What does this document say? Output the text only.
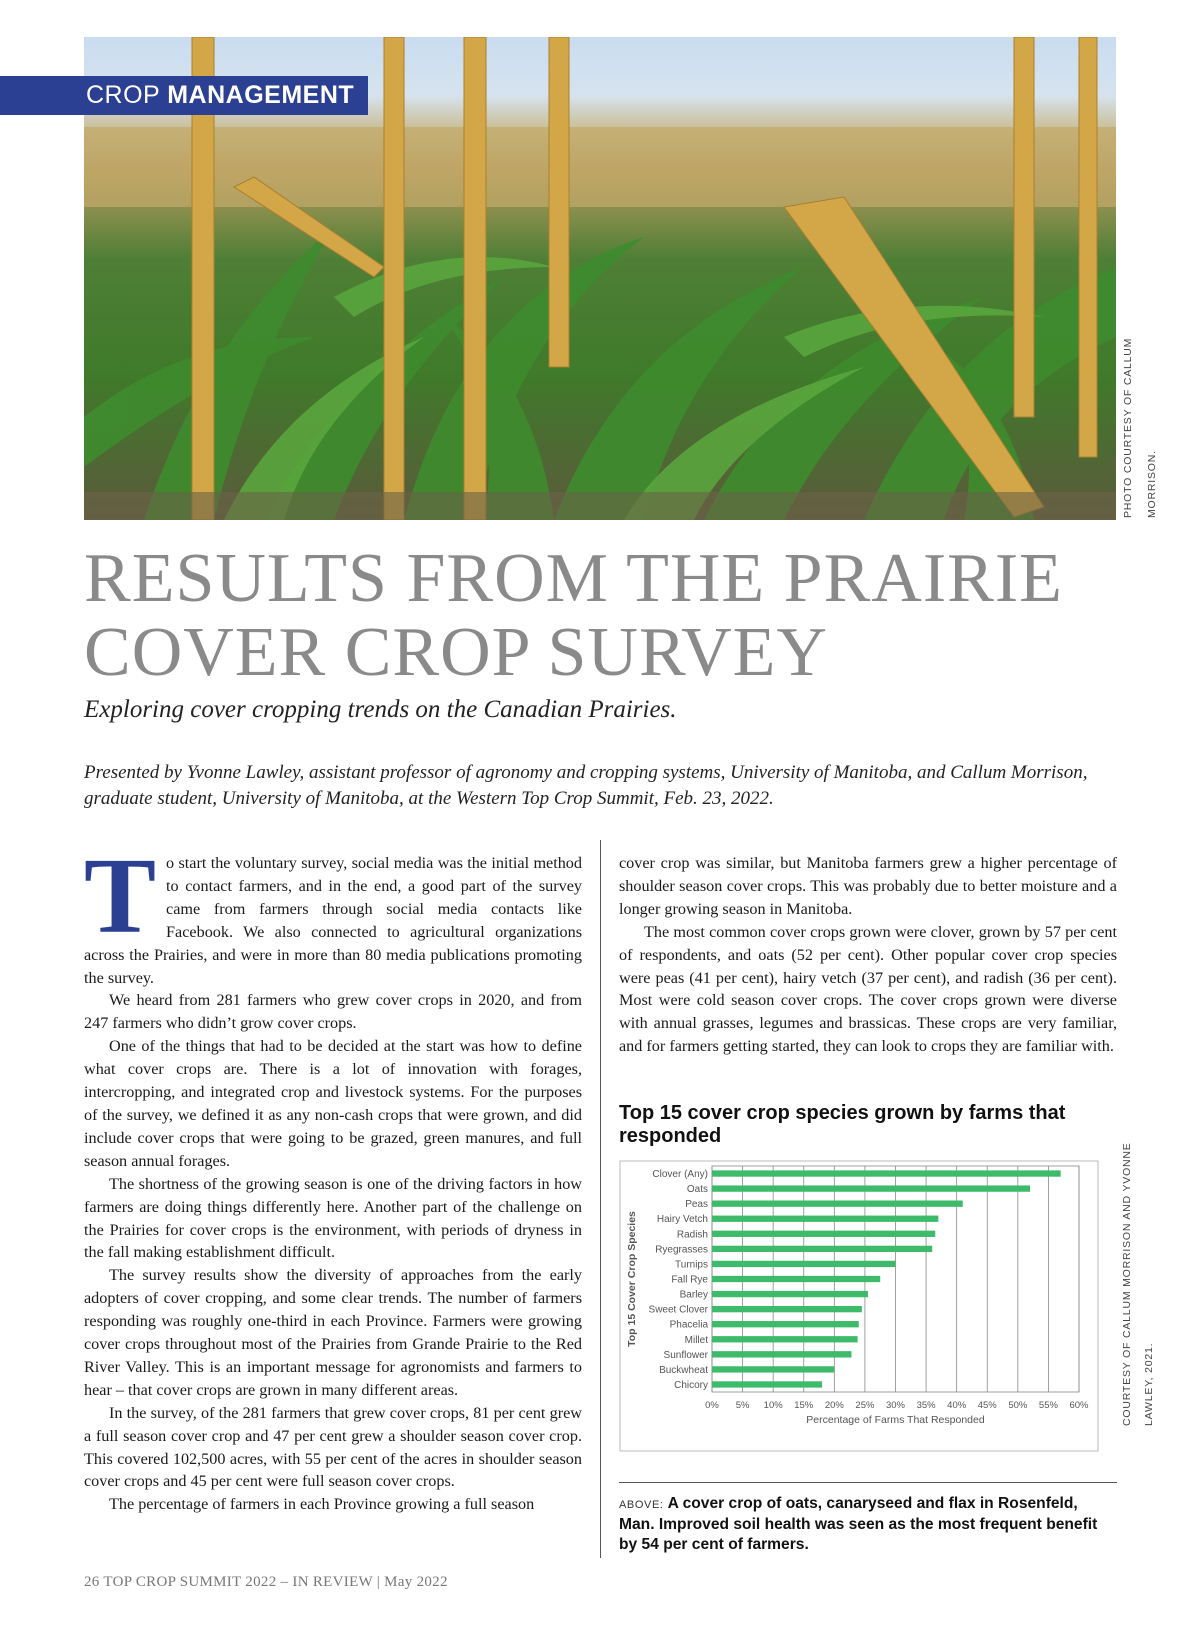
CROP MANAGEMENT
PHOTO COURTESY OF CALLUM MORRISON.
RESULTS FROM THE PRAIRIE COVER CROP SURVEY
Exploring cover cropping trends on the Canadian Prairies.
Presented by Yvonne Lawley, assistant professor of agronomy and cropping systems, University of Manitoba, and Callum Morrison, graduate student, University of Manitoba, at the Western Top Crop Summit, Feb. 23, 2022.

To start the voluntary survey, social media was the initial method to contact farmers, and in the end, a good part of the survey came from farmers through social media contacts like Facebook. We also connected to agricultural organizations across the Prairies, and were in more than 80 media publications promoting the survey.

We heard from 281 farmers who grew cover crops in 2020, and from 247 farmers who didn’t grow cover crops.

One of the things that had to be decided at the start was how to define what cover crops are. There is a lot of innovation with forages, intercropping, and integrated crop and livestock systems. For the purposes of the survey, we defined it as any non-cash crops that were grown, and did include cover crops that were going to be grazed, green manures, and full season annual forages.

The shortness of the growing season is one of the driving factors in how farmers are doing things differently here. Another part of the challenge on the Prairies for cover crops is the environment, with periods of dryness in the fall making establishment difficult.

The survey results show the diversity of approaches from the early adopters of cover cropping, and some clear trends. The number of farmers responding was roughly one-third in each Province. Farmers were growing cover crops throughout most of the Prairies from Grande Prairie to the Red River Valley. This is an important message for agronomists and farmers to hear – that cover crops are grown in many different areas.

In the survey, of the 281 farmers that grew cover crops, 81 per cent grew a full season cover crop and 47 per cent grew a shoulder season cover crop. This covered 102,500 acres, with 55 per cent of the acres in shoulder season cover crops and 45 per cent were full season cover crops.

The percentage of farmers in each Province growing a full season

cover crop was similar, but Manitoba farmers grew a higher percentage of shoulder season cover crops. This was probably due to better moisture and a longer growing season in Manitoba.

The most common cover crops grown were clover, grown by 57 per cent of respondents, and oats (52 per cent). Other popular cover crop species were peas (41 per cent), hairy vetch (37 per cent), and radish (36 per cent). Most were cold season cover crops. The cover crops grown were diverse with annual grasses, legumes and brassicas. These crops are very familiar, and for farmers getting started, they can look to crops they are familiar with.

Top 15 cover crop species grown by farms that responded
0% 5% 10% 15% 20% 25% 30% 35% 40% 45% 50% 55% 60%
Clover (Any)
Oats
Peas
Hairy Vetch
Radish
Ryegrasses
Turnips
Fall Rye
Barley
Sweet Clover
Phacelia
Millet
Sunflower
Buckwheat
Chicory
Percentage of Farms That Responded
Top 15 Cover Crop Species	COURTESY OF CALLUM MORRISON AND YVONNE LAWLEY, 2021.
ABOVE: A cover crop of oats, canaryseed and flax in Rosenfeld, Man. Improved soil health was seen as the most frequent benefit by 54 per cent of farmers.
26 TOP CROP SUMMIT 2022 – IN REVIEW | May 2022
